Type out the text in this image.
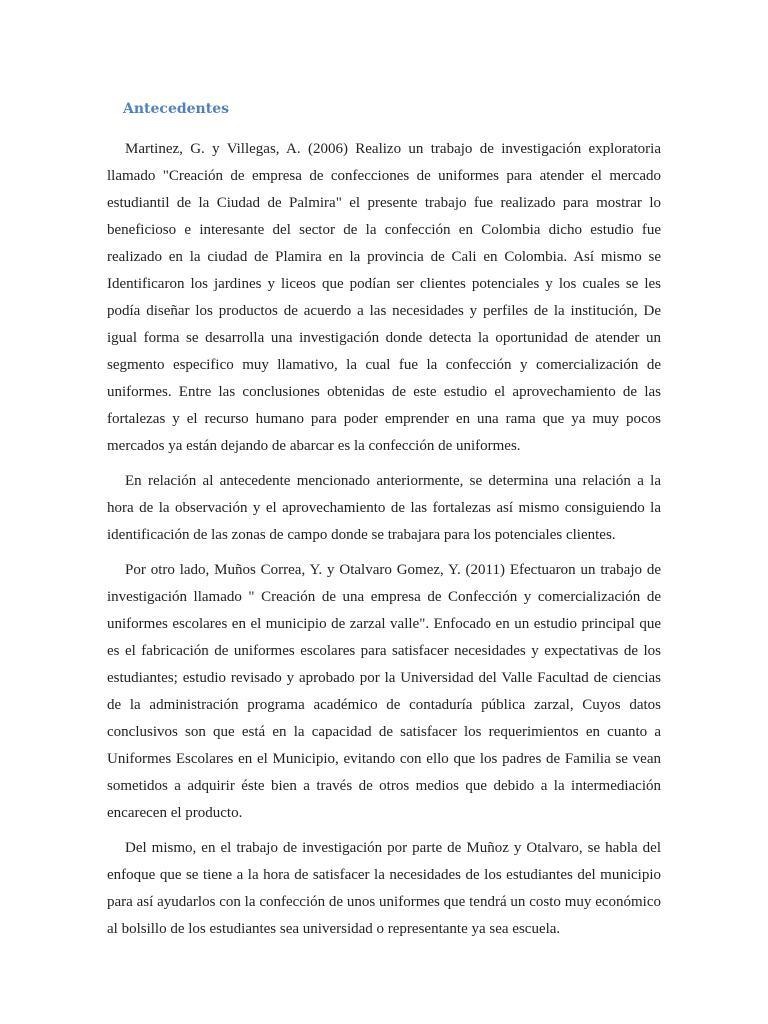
Antecedentes

Martinez, G. y Villegas, A. (2006) Realizo un trabajo de investigación exploratoria llamado "Creación de empresa de confecciones de uniformes para atender el mercado estudiantil de la Ciudad de Palmira" el presente trabajo fue realizado para mostrar lo beneficioso e interesante del sector de la confección en Colombia dicho estudio fue realizado en la ciudad de Plamira en la provincia de Cali en Colombia. Así mismo se Identificaron los jardines y liceos que podían ser clientes potenciales y los cuales se les podía diseñar los productos de acuerdo a las necesidades y perfiles de la institución, De igual forma se desarrolla una investigación donde detecta la oportunidad de atender un segmento especifico muy llamativo, la cual fue la confección y comercialización de uniformes. Entre las conclusiones obtenidas de este estudio el aprovechamiento de las fortalezas y el recurso humano para poder emprender en una rama que ya muy pocos mercados ya están dejando de abarcar es la confección de uniformes.

En relación al antecedente mencionado anteriormente, se determina una relación a la hora de la observación y el aprovechamiento de las fortalezas así mismo consiguiendo la identificación de las zonas de campo donde se trabajara para los potenciales clientes.

Por otro lado, Muños Correa, Y. y Otalvaro Gomez, Y. (2011) Efectuaron un trabajo de investigación llamado " Creación de una empresa de Confección y comercialización de uniformes escolares en el municipio de zarzal valle". Enfocado en un estudio principal que es el fabricación de uniformes escolares para satisfacer necesidades y expectativas de los estudiantes; estudio revisado y aprobado por la Universidad del Valle Facultad de ciencias de la administración programa académico de contaduría pública zarzal, Cuyos datos conclusivos son que está en la capacidad de satisfacer los requerimientos en cuanto a Uniformes Escolares en el Municipio, evitando con ello que los padres de Familia se vean sometidos a adquirir éste bien a través de otros medios que debido a la intermediación encarecen el producto.

Del mismo, en el trabajo de investigación por parte de Muñoz y Otalvaro, se habla del enfoque que se tiene a la hora de satisfacer la necesidades de los estudiantes del municipio para así ayudarlos con la confección de unos uniformes que tendrá un costo muy económico al bolsillo de los estudiantes sea universidad o representante ya sea escuela.
